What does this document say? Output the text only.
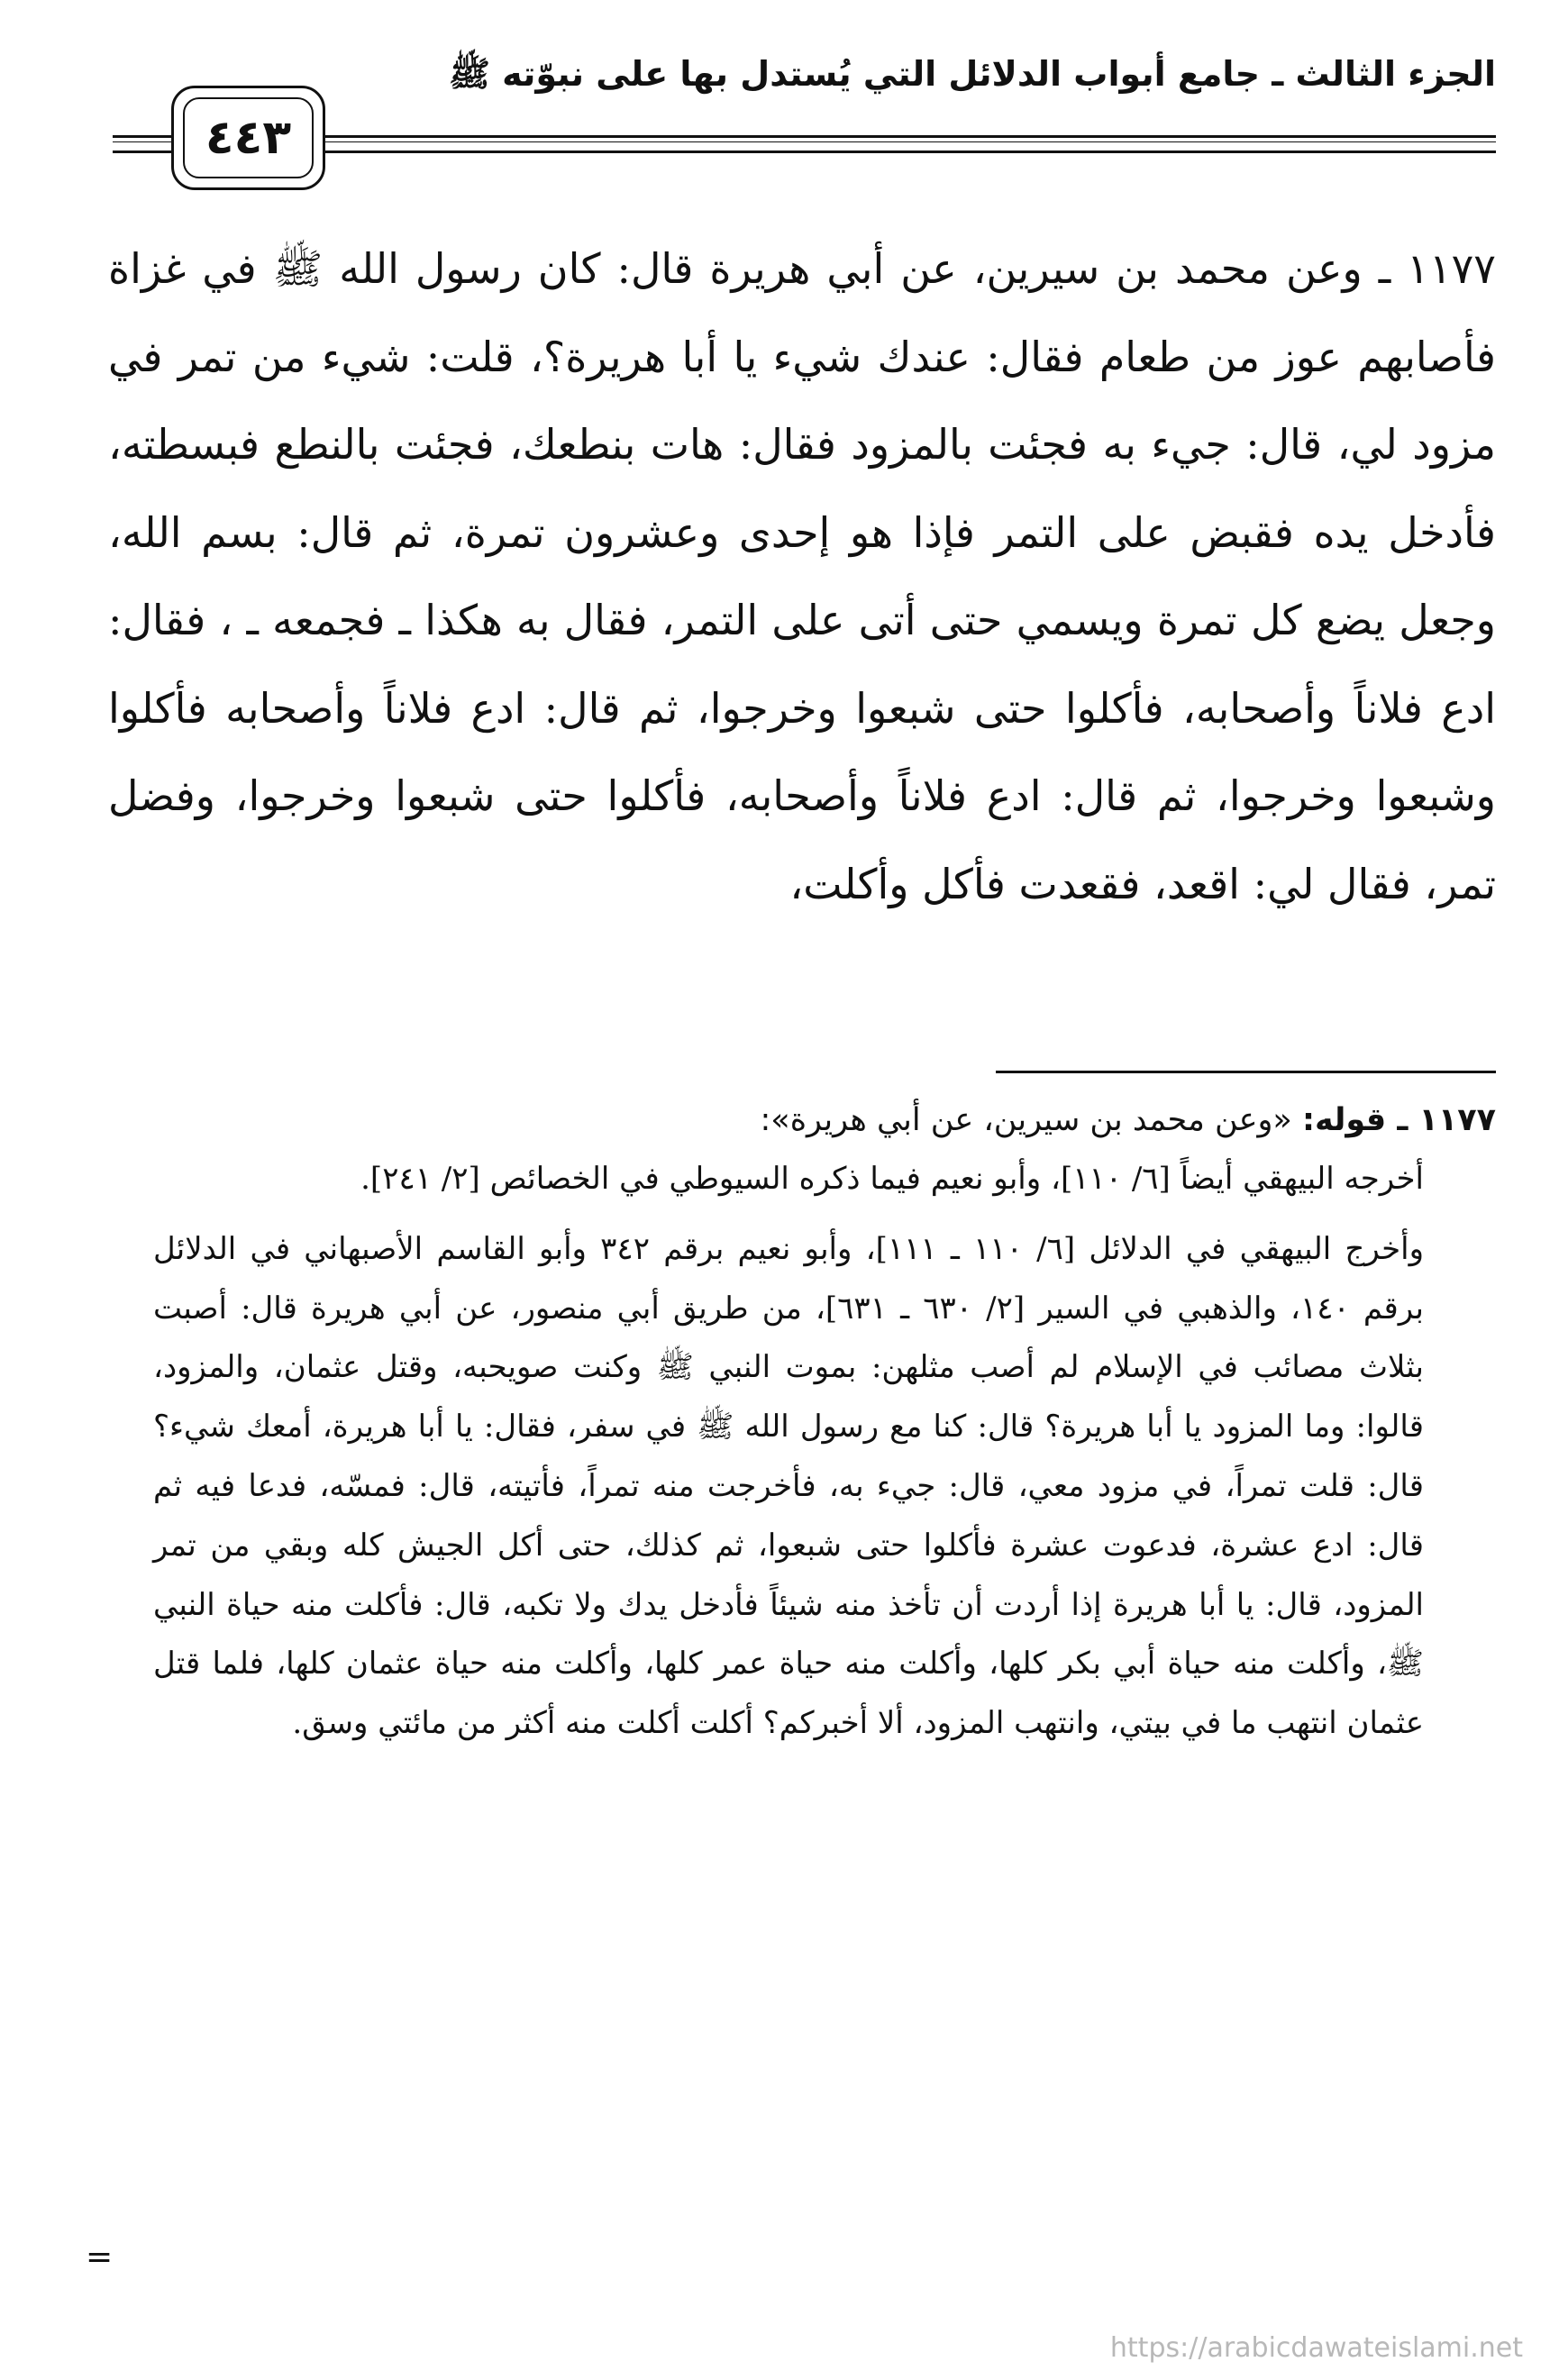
الجزء الثالث ـ جامع أبواب الدلائل التي يُستدل بها على نبوّته ﷺ
٤٤٣

١١٧٧ ـ وعن محمد بن سيرين، عن أبي هريرة قال: كان رسول الله ﷺ في غزاة فأصابهم عوز من طعام فقال: عندك شيء يا أبا هريرة؟، قلت: شيء من تمر في مزود لي، قال: جيء به فجئت بالمزود فقال: هات بنطعك، فجئت بالنطع فبسطته، فأدخل يده فقبض على التمر فإذا هو إحدى وعشرون تمرة، ثم قال: بسم الله، وجعل يضع كل تمرة ويسمي حتى أتى على التمر، فقال به هكذا ـ فجمعه ـ ، فقال: ادع فلاناً وأصحابه، فأكلوا حتى شبعوا وخرجوا، ثم قال: ادع فلاناً وأصحابه فأكلوا وشبعوا وخرجوا، ثم قال: ادع فلاناً وأصحابه، فأكلوا حتى شبعوا وخرجوا، وفضل تمر، فقال لي: اقعد، فقعدت فأكل وأكلت،

١١٧٧ ـ قوله: «وعن محمد بن سيرين، عن أبي هريرة»:

أخرجه البيهقي أيضاً [٦/ ١١٠]، وأبو نعيم فيما ذكره السيوطي في الخصائص [٢/ ٢٤١].

وأخرج البيهقي في الدلائل [٦/ ١١٠ ـ ١١١]، وأبو نعيم برقم ٣٤٢ وأبو القاسم الأصبهاني في الدلائل برقم ١٤٠، والذهبي في السير [٢/ ٦٣٠ ـ ٦٣١]، من طريق أبي منصور، عن أبي هريرة قال: أصبت بثلاث مصائب في الإسلام لم أصب مثلهن: بموت النبي ﷺ وكنت صويحبه، وقتل عثمان، والمزود، قالوا: وما المزود يا أبا هريرة؟ قال: كنا مع رسول الله ﷺ في سفر، فقال: يا أبا هريرة، أمعك شيء؟ قال: قلت تمراً، في مزود معي، قال: جيء به، فأخرجت منه تمراً، فأتيته، قال: فمسّه، فدعا فيه ثم قال: ادع عشرة، فدعوت عشرة فأكلوا حتى شبعوا، ثم كذلك، حتى أكل الجيش كله وبقي من تمر المزود، قال: يا أبا هريرة إذا أردت أن تأخذ منه شيئاً فأدخل يدك ولا تكبه، قال: فأكلت منه حياة النبي ﷺ، وأكلت منه حياة أبي بكر كلها، وأكلت منه حياة عمر كلها، وأكلت منه حياة عثمان كلها، فلما قتل عثمان انتهب ما في بيتي، وانتهب المزود، ألا أخبركم؟ أكلت أكلت منه أكثر من مائتي وسق.

=
https://arabicdawateislami.net
